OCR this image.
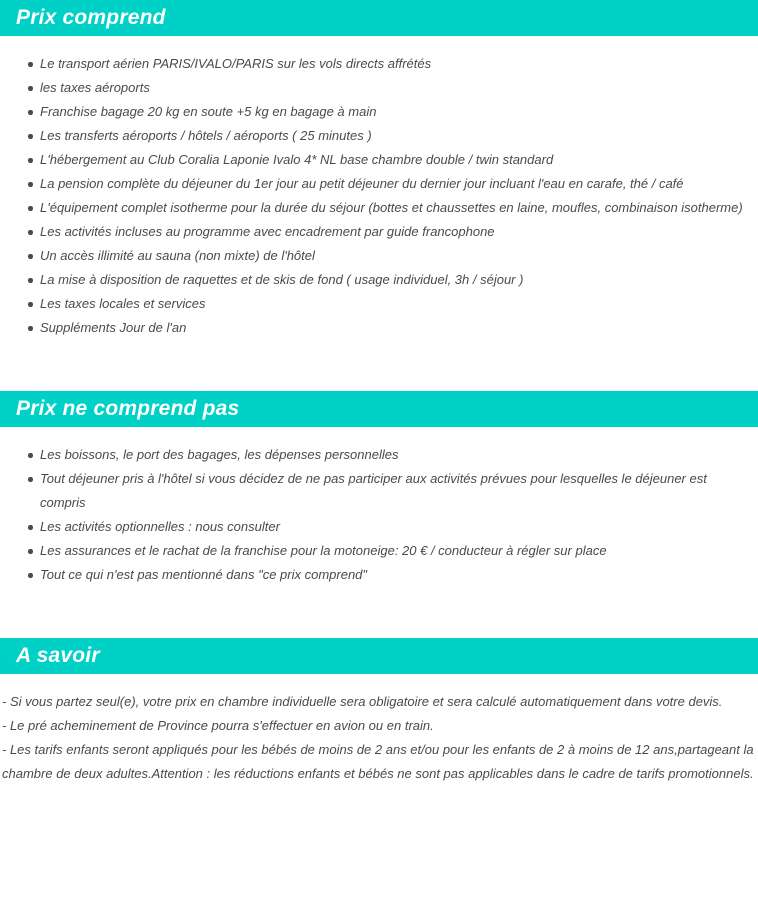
Prix comprend
Le transport aérien PARIS/IVALO/PARIS sur les vols directs affrétés
les taxes aéroports
Franchise bagage 20 kg en soute +5 kg en bagage à main
Les transferts aéroports / hôtels / aéroports ( 25 minutes )
L'hébergement au Club Coralia Laponie Ivalo 4* NL base chambre double / twin standard
La pension complète du déjeuner du 1er jour au petit déjeuner du dernier jour incluant l'eau en carafe, thé / café
L'équipement complet isotherme pour la durée du séjour (bottes et chaussettes en laine, moufles, combinaison isotherme)
Les activités incluses au programme avec encadrement par guide francophone
Un accès illimité au sauna (non mixte) de l'hôtel
La mise à disposition de raquettes et de skis de fond ( usage individuel, 3h / séjour )
Les taxes locales et services
Suppléments Jour de l'an
Prix ne comprend pas
Les boissons, le port des bagages, les dépenses personnelles
Tout déjeuner pris à l'hôtel si vous décidez de ne pas participer aux activités prévues pour lesquelles le déjeuner est compris
Les activités optionnelles : nous consulter
Les assurances et le rachat de la franchise pour la motoneige: 20 € / conducteur à régler sur place
Tout ce qui n'est pas mentionné dans "ce prix comprend"
A savoir

- Si vous partez seul(e), votre prix en chambre individuelle sera obligatoire et sera calculé automatiquement dans votre devis.

- Le pré acheminement de Province pourra s'effectuer en avion ou en train.

- Les tarifs enfants seront appliqués pour les bébés de moins de 2 ans et/ou pour les enfants de 2 à moins de 12 ans,partageant la chambre de deux adultes.Attention : les réductions enfants et bébés ne sont pas applicables dans le cadre de tarifs promotionnels.
